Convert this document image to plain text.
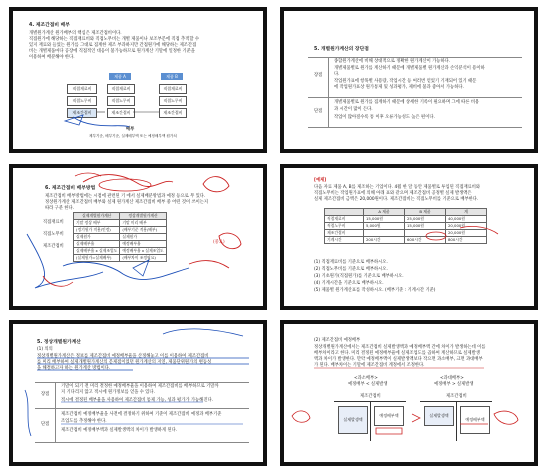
4. 제조간접비 배부
개별원가계산 원가배부의 핵심은 제조간접비이다.
직접원가에 해당하는 직접재료비와 직접노무비는 개별 제품이나 보조부문에 직접 추적할 수
있지 재료와 들었는 원가를 그대로 집계한 제조 부과하지만 간접원가에 해당하는 제조간접
비는 개별제품마다 공장에 직접적인 대응이 불가능하므로 원가계산 기말에 일정한 기준을
이용하여 배분해야 한다.
제품 A	제품 B
직접재료비
직접노무비
제조간접비
직접재료비	직접재료비
직접노무비	직접노무비
제조간접비	제조간접비
배부
제부기준, 배부기준, 실제배부액 또는 예정배부액 원가치
5. 개별원가계산의 장단점
장점
종합원가계산에 비해 상대적으로 정확한 원가계산이 가능하다.
개별제품별로 원가를 계산하기 때문에 개별제품별 원가계산과 손익분석이 용이하
다.
작업원가표에 항목별 사용량, 작업시간 등 여러번 얻었기 기재되어 있기 때문
에 작업원가표상 원가통제 및 성과평가, 제비에 불과 좋아서 가능하다.
단점
개별제품별로 원가를 집계하기 때문에 상세한 기록이 필요하며 그에 따른 비용
과 시간이 많이 든다.
작업이 많아질수록 통 이후 오류가능성도 높은 편이다.
6. 제조간접비 배부방법
제조간접비 배부방법에는 시점에 관련된 기 에서 실제배분방법과 예정 등으로 무 있다.
정상원가계산 제조간접비 배부와 실제 원가계산 제조간접비 배부 중 어떤 것이 쓰이는지
따라 구분 한다.
실제개별원가계산	정상개별원가계산
기말 정상 배부	기말 미리 배부
(정기원가 적용/인정)	(배부기준 적용/배부)
실제원가	실제원가
실제배부율	예정배부율
실제배부율 x 실제조업도	예정배부율 x 실제조업도
(실제원가=실제배부)	(배부차이 조정필요)
직접재료비
직접노무비
제조간접비
(중요)
[예제]
다음 자료 제품 A, B를 제조하는 기업이다. 4월 한 달 동안 제품별로 투입된 직접재료비와
직접노무비는 작업원가표에 의해 아래 표와 같으며 제조간접비 공정별 실제 발생액은
실제 제조간접비 금액은 20,000원이다. 제조간접비는 직접노무비를 기준으로 배부한다.
	A 제품	B 제품	계
직접재료비	15,000원	25,000원	40,000원
직접노무비	5,000원	15,000원	20,000원
제조간접비			20,000원
기계시간	200시간	600시간	800시간
(1) 직접재료비를 기준으로 배부하시오.
(2) 직접노무비를 기준으로 배부하시오.
(3) 기초원가(직접원가)를 기준으로 배부하시오.
(4) 기계시간을 기준으로 배부하시오.
(5) 제품별 원가계산표를 작성하시오. (배부기준 : 기계시간 기준)
5. 정상개별원가계산
(1) 의의
정상개별원가계산은 정보를 제조간접비 예정배부율을 산정해놓고 이를 이용하여 제조간접비
를 미리 배부하여 실제개별원가계산의 문제점이었던 원가계산의 지연, 제품단위원가의 변동성
을 해결하고자 하는 원가계산 방법이다.
장점
기말이 되기 전 미리 결정한 예정배부율을 이용하여 제조간접비를 배부하므로 기말까
지 기다리지 않고 적시에 원가정보를 얻을 수 있다.
적시에 결정된 배부율을 사용하여 제조간접비 통제 가능, 성과 평가가 가능해진다.
단점
제조간접비 예정배부율을 사전에 결정하기 위하여 기준이 제조간접비 예정과 배부기준
조업도를 추정해야 한다.
제조간접비 예정배부액과 실제발생액의 차이가 발생하게 된다.
(2) 제조간접비 예정배부
정상개별원가계산에서는 제조간접비 실제발생액과 예정배부액 간에 차이가 발생하는데 이를
배부차이라고 한다. 미리 결정된 예정배부율에 실제조업도를 곱하여 계산하므로 실제발생
액과 차이가 발생한다. 만약 예정배부액이 실제발생액보다 작으면 과소배부, 크면 과대배부
가 된다. 배부차이는 기말에 제조간접비 계정에서 조정한다.
<과소배부>
예정배부 < 실제발생
<과대배부>
예정배부 > 실제발생
제조간접비	제조간접비
실제발생액
예정배부액	실제발생액
예정배부액
